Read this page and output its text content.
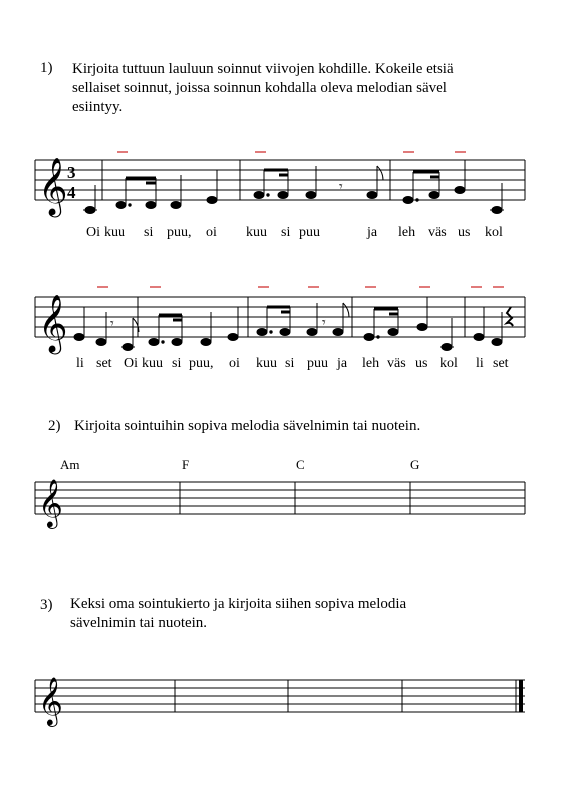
1) Kirjoita tuttuun lauluun soinnut viivojen kohdille. Kokeile etsiä
sellaiset soinnut, joissa soinnun kohdalla oleva melodian sävel
esiintyy.
𝄞 3
4	𝄾
𝄞	𝄾	𝄾
𝄞
𝄞
Oi kuu si puu, oi kuu si puu	ja leh väs us kol
li set Oi kuu si puu, oi kuu si puu ja leh väs us kol li set
2) Kirjoita sointuihin sopiva melodia sävelnimin tai nuotein.
Am	F	C	G
3) Keksi oma sointukierto ja kirjoita siihen sopiva melodia
sävelnimin tai nuotein.
